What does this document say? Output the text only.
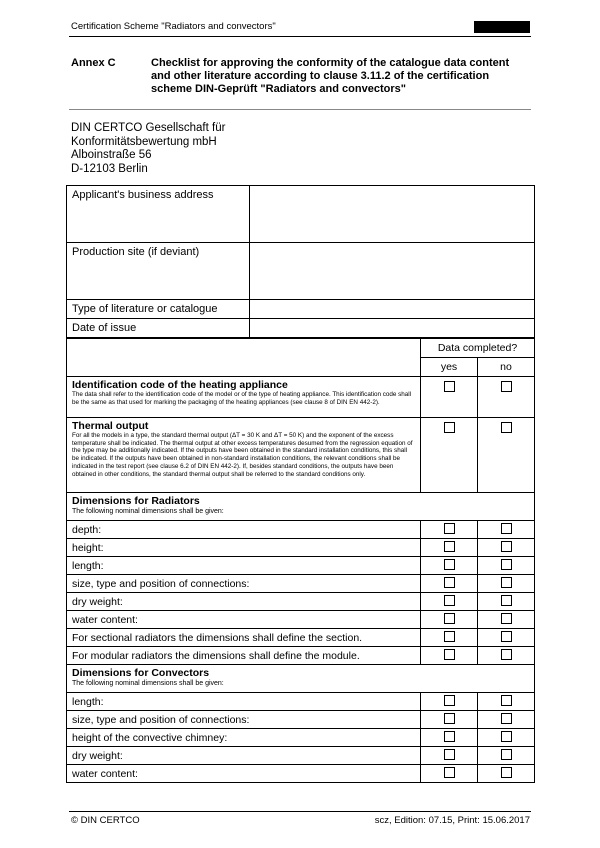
Certification Scheme "Radiators and convectors"
Annex C	Checklist for approving the conformity of the catalogue data content and other literature according to clause 3.11.2 of the certification scheme DIN-Geprüft "Radiators and convectors"
DIN CERTCO Gesellschaft für
Konformitätsbewertung mbH
Alboinstraße 56
D-12103 Berlin
Applicant's business address	
Production site (if deviant)	
Type of literature or catalogue	
Date of issue	
	Data completed?	
	yes	no

Identification code of the heating appliance
The data shall refer to the identification code of the model or of the type of heating appliance. This identification code shall be the same as that used for marking the packaging of the heating appliances (see clause 8 of DIN EN 442-2).		

Thermal output
For all the models in a type, the standard thermal output (ΔT = 30 K and ΔT = 50 K) and the exponent of the excess temperature shall be indicated. The thermal output at other excess temperatures desumed from the regression equation of the type may be additionally indicated. If the outputs have been obtained in the standard installation conditions, this shall be indicated. If the outputs have been obtained in non-standard installation conditions, the relevant conditions shall be indicated in the test report (see clause 6.2 of DIN EN 442-2). If, besides standard conditions, the outputs have been obtained in other conditions, the standard thermal output shall be referred to the standard conditions only.		

Dimensions for Radiators
The following nominal dimensions shall be given:		

depth:		
height:		
length:		
size, type and position of connections:		
dry weight:		
water content:		
For sectional radiators the dimensions shall define the section.		
For modular radiators the dimensions shall define the module.		

Dimensions for Convectors
The following nominal dimensions shall be given:		

length:		
size, type and position of connections:		
height of the convective chimney:		
dry weight:		
water content:		
© DIN CERTCO	scz, Edition: 07.15, Print: 15.06.2017
